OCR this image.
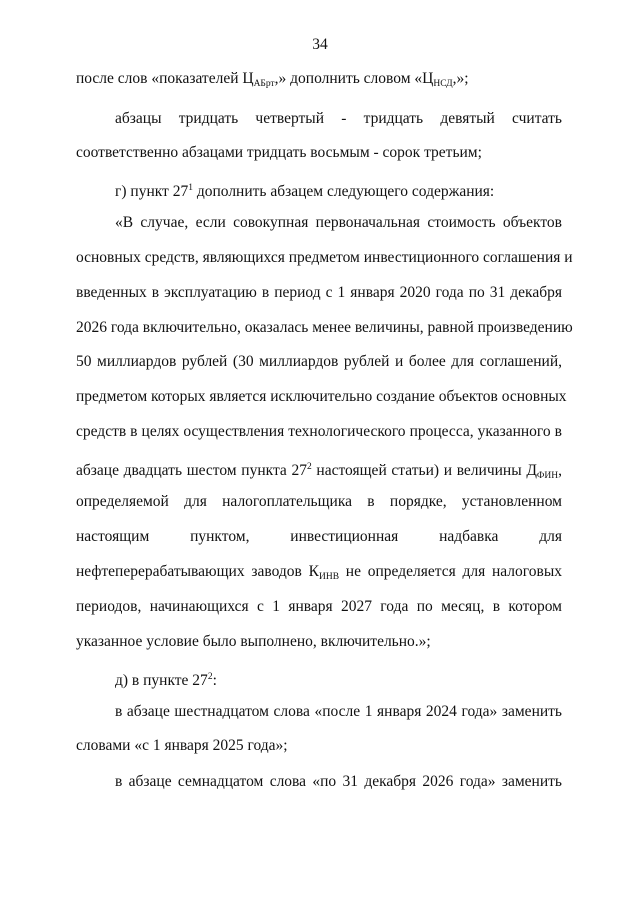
34
после слов «показателей $Ц_{АБрт}$,» дополнить словом «$Ц_{НСД}$,»;
абзацы тридцать четвертый - тридцать девятый считать
соответственно абзацами тридцать восьмым - сорок третьим;
г) пункт $27^1$ дополнить абзацем следующего содержания:
«В случае, если совокупная первоначальная стоимость объектов
основных средств, являющихся предметом инвестиционного соглашения и
введенных в эксплуатацию в период с 1 января 2020 года по 31 декабря
2026 года включительно, оказалась менее величины, равной произведению
50 миллиардов рублей (30 миллиардов рублей и более для соглашений,
предметом которых является исключительно создание объектов основных
средств в целях осуществления технологического процесса, указанного в
абзаце двадцать шестом пункта $27^2$ настоящей статьи) и величины $Д_{ФИН}$,
определяемой для налогоплательщика в порядке, установленном
настоящим пунктом, инвестиционная надбавка для
нефтеперерабатывающих заводов $К_{ИНВ}$ не определяется для налоговых
периодов, начинающихся с 1 января 2027 года по месяц, в котором
указанное условие было выполнено, включительно.»;
д) в пункте $27^2$:
в абзаце шестнадцатом слова «после 1 января 2024 года» заменить
словами «с 1 января 2025 года»;
в абзаце семнадцатом слова «по 31 декабря 2026 года» заменить
